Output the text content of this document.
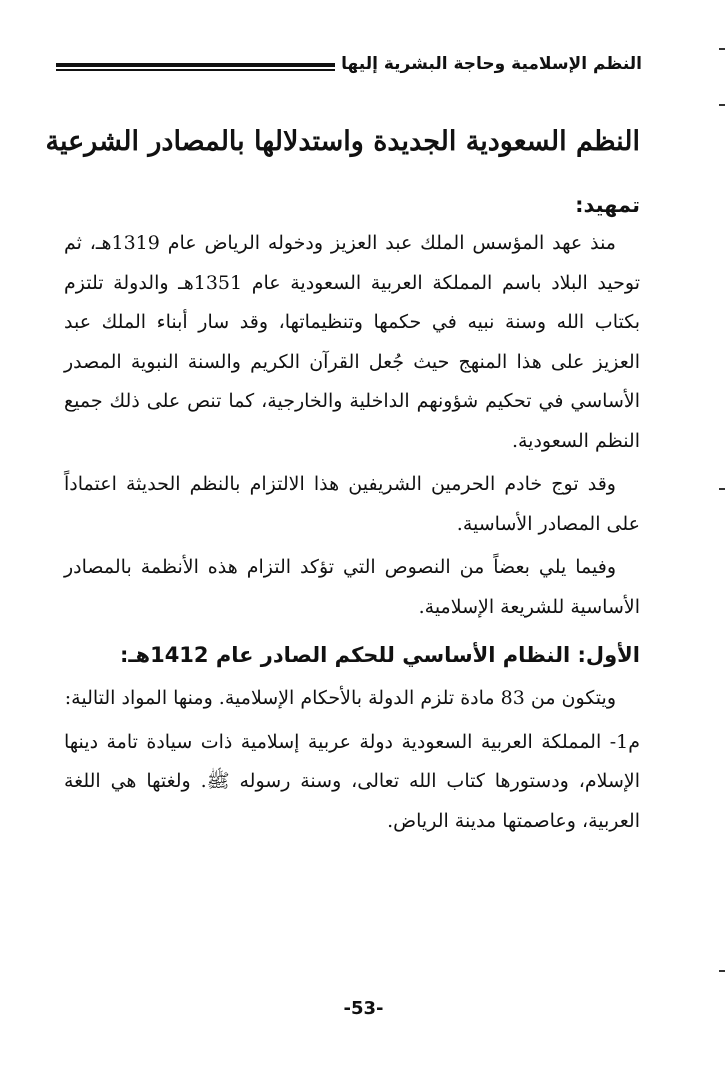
النظم الإسلامية وحاجة البشرية إليها
النظم السعودية الجديدة واستدلالها بالمصادر الشرعية
تمهيد:

منذ عهد المؤسس الملك عبد العزيز ودخوله الرياض عام 1319هـ، ثم توحيد البلاد باسم المملكة العربية السعودية عام 1351هـ والدولة تلتزم بكتاب الله وسنة نبيه في حكمها وتنظيماتها، وقد سار أبناء الملك عبد العزيز على هذا المنهج حيث جُعل القرآن الكريم والسنة النبوية المصدر الأساسي في تحكيم شؤونهم الداخلية والخارجية، كما تنص على ذلك جميع النظم السعودية.

وقد توج خادم الحرمين الشريفين هذا الالتزام بالنظم الحديثة اعتماداً على المصادر الأساسية.

وفيما يلي بعضاً من النصوص التي تؤكد التزام هذه الأنظمة بالمصادر الأساسية للشريعة الإسلامية.

الأول: النظام الأساسي للحكم الصادر عام 1412هـ:

ويتكون من 83 مادة تلزم الدولة بالأحكام الإسلامية. ومنها المواد التالية:

م1- المملكة العربية السعودية دولة عربية إسلامية ذات سيادة تامة دينها الإسلام، ودستورها كتاب الله تعالى، وسنة رسوله ﷺ. ولغتها هي اللغة العربية، وعاصمتها مدينة الرياض.

-53-
